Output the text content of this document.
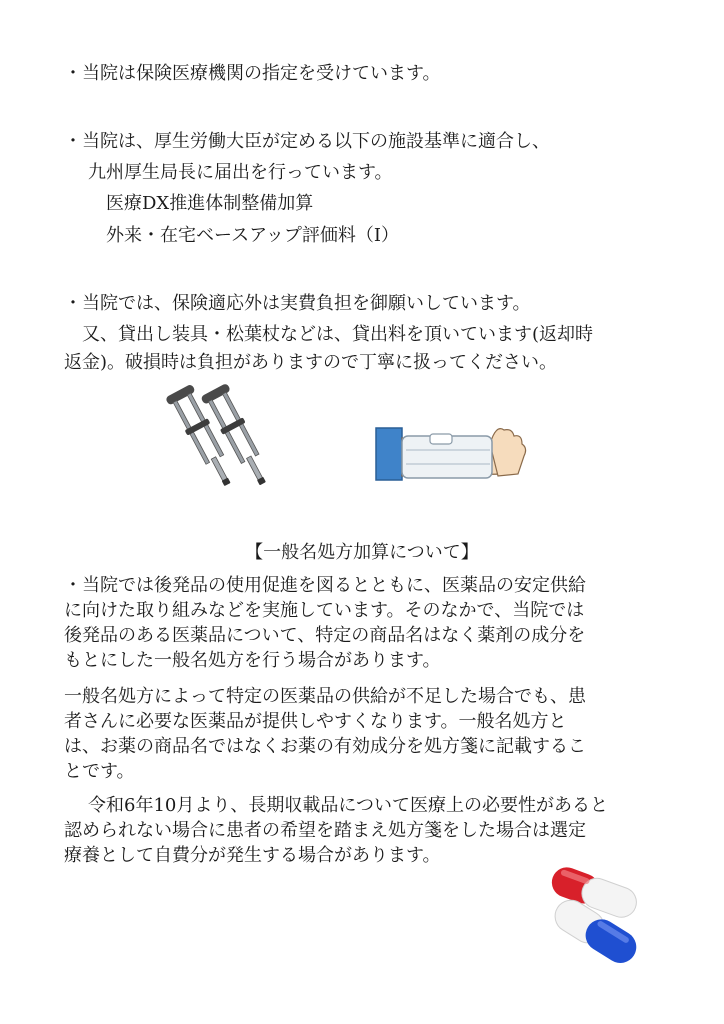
・当院は保険医療機関の指定を受けています。
・当院は、厚生労働大臣が定める以下の施設基準に適合し、
九州厚生局長に届出を行っています。
医療DX推進体制整備加算
外来・在宅ベースアップ評価料（Ⅰ）
・当院では、保険適応外は実費負担を御願いしています。
又、貸出し装具・松葉杖などは、貸出料を頂いています(返却時
返金)。破損時は負担がありますので丁寧に扱ってください。
【一般名処方加算について】
・当院では後発品の使用促進を図るとともに、医薬品の安定供給
に向けた取り組みなどを実施しています。そのなかで、当院では
後発品のある医薬品について、特定の商品名はなく薬剤の成分を
もとにした一般名処方を行う場合があります。
一般名処方によって特定の医薬品の供給が不足した場合でも、患
者さんに必要な医薬品が提供しやすくなります。一般名処方と
は、お薬の商品名ではなくお薬の有効成分を処方箋に記載するこ
とです。
令和6年10月より、長期収載品について医療上の必要性があると
認められない場合に患者の希望を踏まえ処方箋をした場合は選定
療養として自費分が発生する場合があります。
